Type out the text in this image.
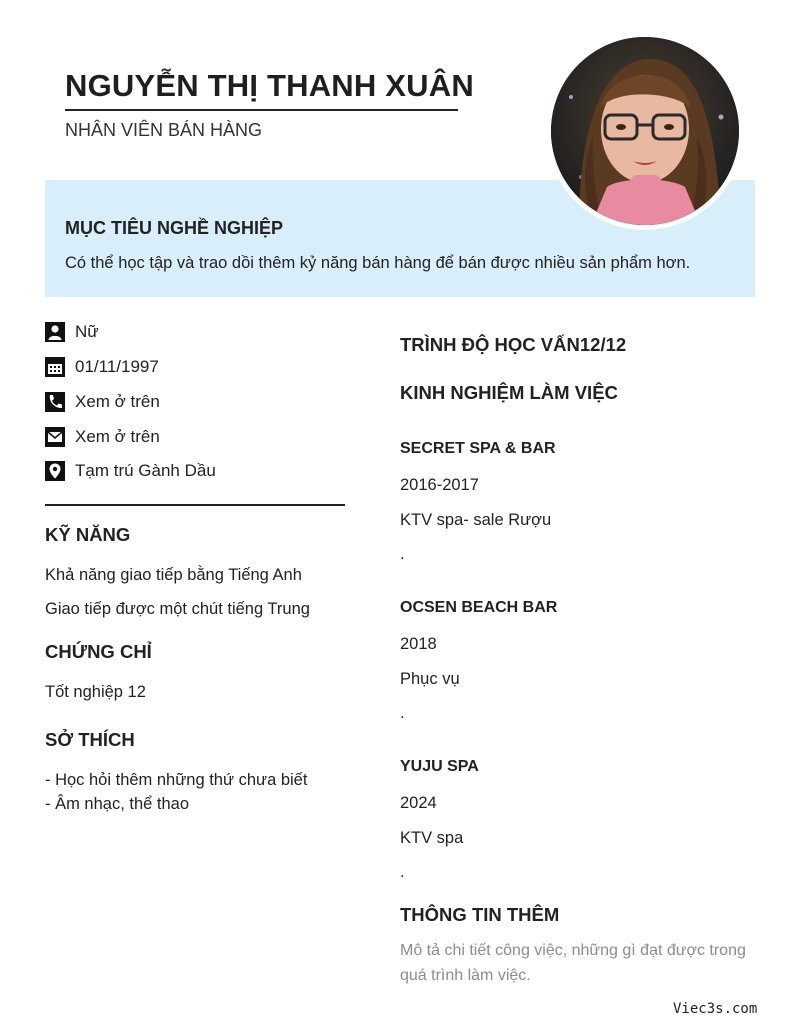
NGUYỄN THỊ THANH XUÂN
NHÂN VIÊN BÁN HÀNG
MỤC TIÊU NGHỀ NGHIỆP
Có thể học tập và trao dồi thêm kỷ năng bán hàng để bán được nhiều sản phẩm hơn.
Nữ
01/11/1997
Xem ở trên
Xem ở trên
Tạm trú Gành Dầu
KỸ NĂNG
Khả năng giao tiếp bằng Tiếng Anh
Giao tiếp được một chút tiếng Trung
CHỨNG CHỈ
Tốt nghiệp 12
SỞ THÍCH
- Học hỏi thêm những thứ chưa biết
- Âm nhạc, thể thao
TRÌNH ĐỘ HỌC VẤN12/12
KINH NGHIỆM LÀM VIỆC
SECRET SPA & BAR
2016-2017
KTV spa- sale Rượu
.
OCSEN BEACH BAR
2018
Phục vụ
.
YUJU SPA
2024
KTV spa
.
THÔNG TIN THÊM
Mô tả chi tiết công việc, những gì đạt được trong quá trình làm việc.
Viec3s.com
